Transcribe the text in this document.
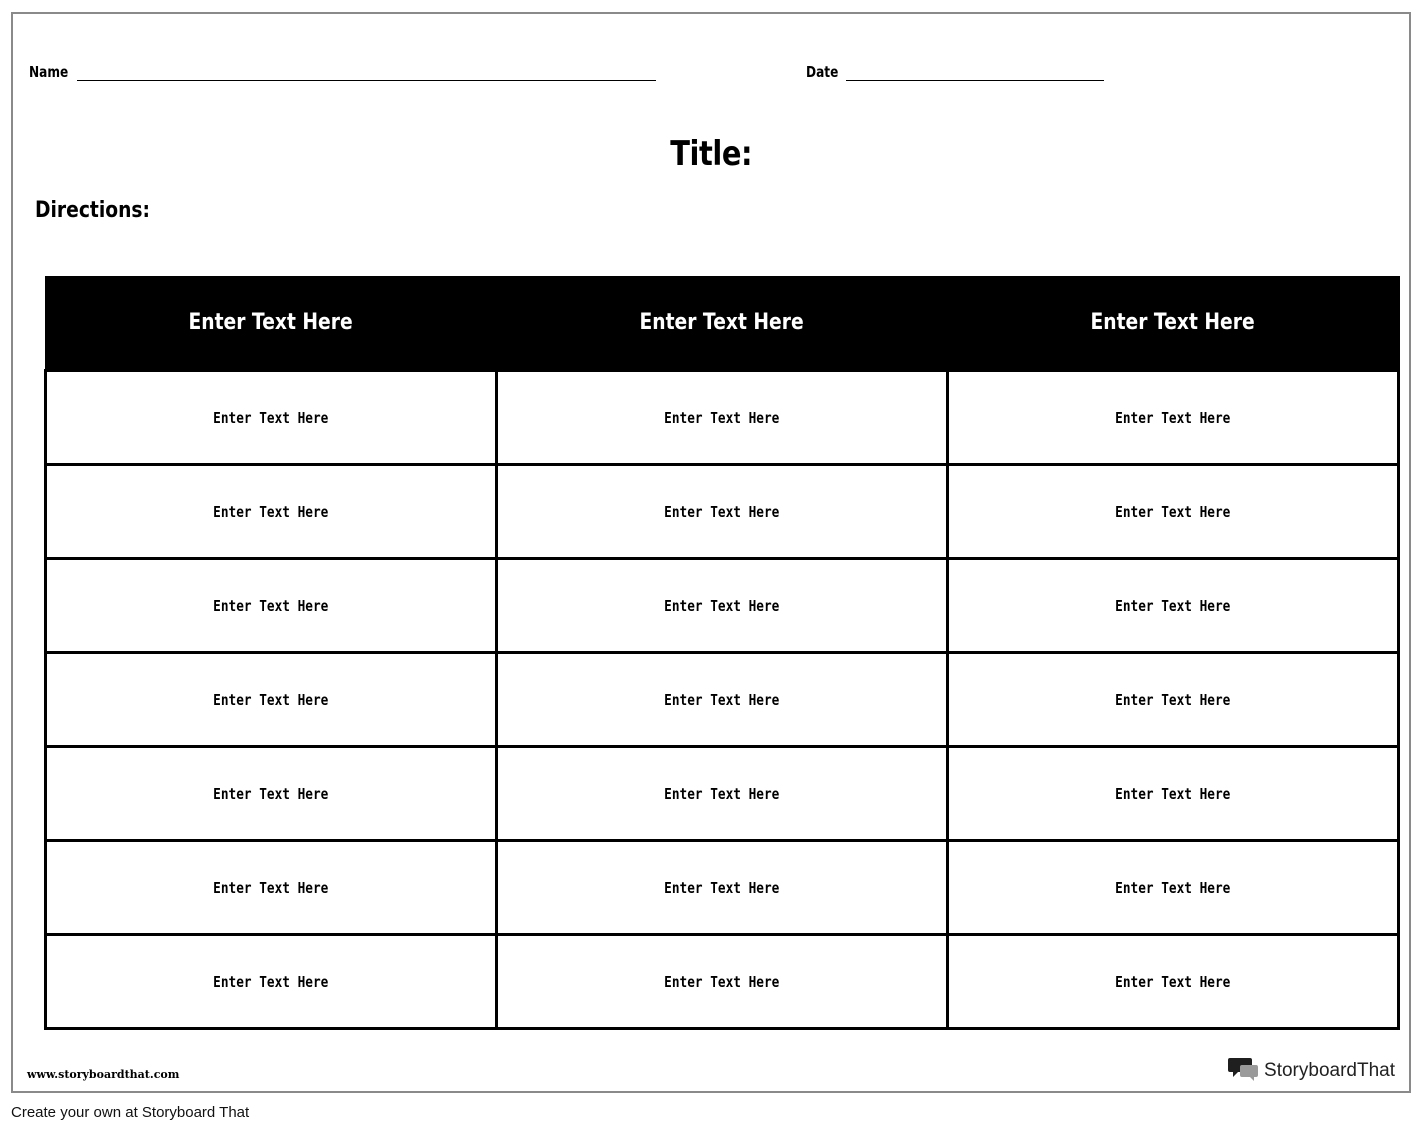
Name	Date
Title:
Directions:
Enter Text Here	Enter Text Here	Enter Text Here
Enter Text Here	Enter Text Here	Enter Text Here
Enter Text Here	Enter Text Here	Enter Text Here
Enter Text Here	Enter Text Here	Enter Text Here
Enter Text Here	Enter Text Here	Enter Text Here
Enter Text Here	Enter Text Here	Enter Text Here
Enter Text Here	Enter Text Here	Enter Text Here
Enter Text Here	Enter Text Here	Enter Text Here
www.storyboardthat.com	StoryboardThat
Create your own at Storyboard That
